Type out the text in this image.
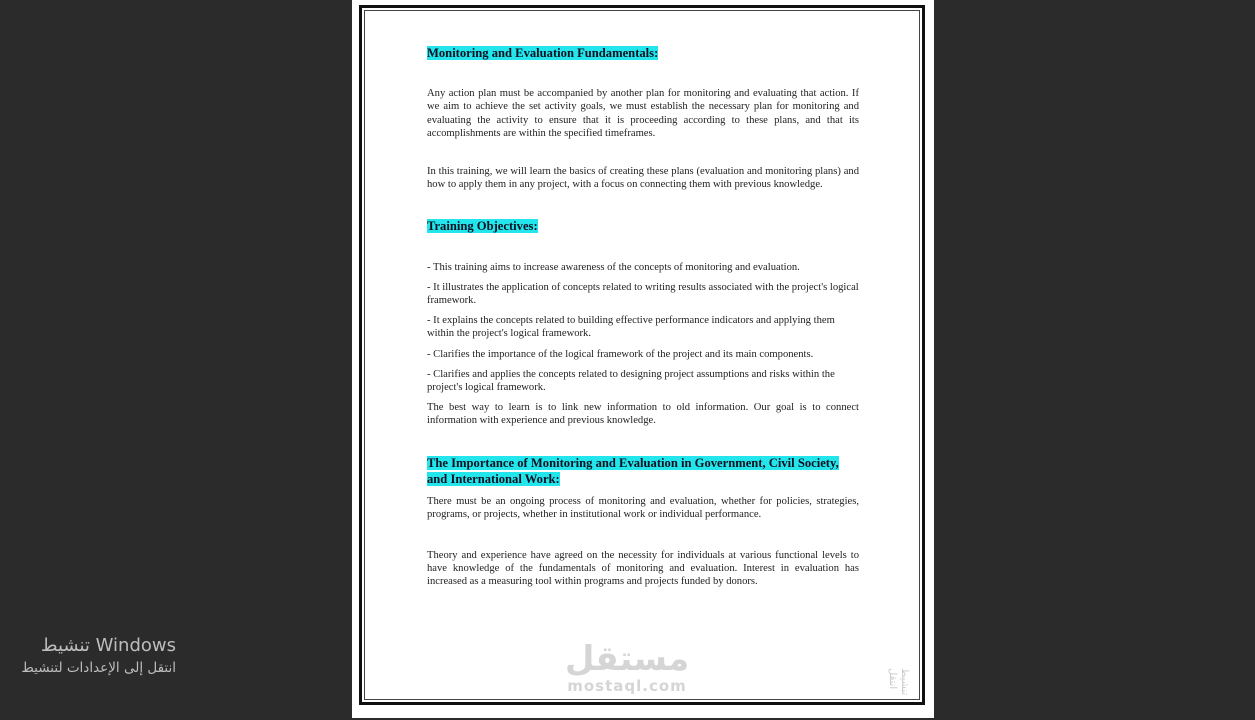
Monitoring and Evaluation Fundamentals:

Any action plan must be accompanied by another plan for monitoring and evaluating that action. If we aim to achieve the set activity goals, we must establish the necessary plan for monitoring and evaluating the activity to ensure that it is proceeding according to these plans, and that its accomplishments are within the specified timeframes.

In this training, we will learn the basics of creating these plans (evaluation and monitoring plans) and how to apply them in any project, with a focus on connecting them with previous knowledge.

Training Objectives:

- This training aims to increase awareness of the concepts of monitoring and evaluation.

- It illustrates the application of concepts related to writing results associated with the project's logical framework.

- It explains the concepts related to building effective performance indicators and applying them within the project's logical framework.

- Clarifies the importance of the logical framework of the project and its main components.

- Clarifies and applies the concepts related to designing project assumptions and risks within the project's logical framework.

The best way to learn is to link new information to old information. Our goal is to connect information with experience and previous knowledge.

The Importance of Monitoring and Evaluation in Government, Civil Society, and International Work:

There must be an ongoing process of monitoring and evaluation, whether for policies, strategies, programs, or projects, whether in institutional work or individual performance.

Theory and experience have agreed on the necessity for individuals at various functional levels to have knowledge of the fundamentals of monitoring and evaluation. Interest in evaluation has increased as a measuring tool within programs and projects funded by donors.

مستقل
mostaql.com	تنشيط انتقل
تنشيط Windows
انتقل إلى الإعدادات لتنشيط
